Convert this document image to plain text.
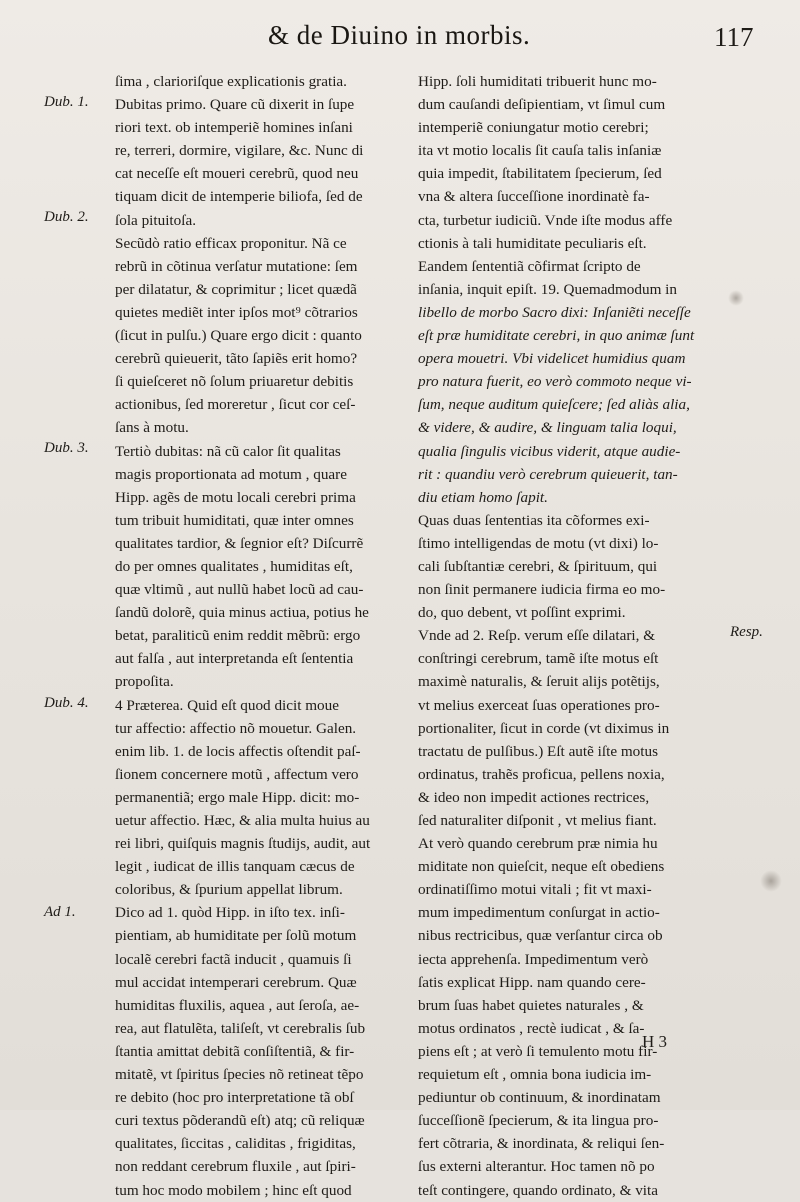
& de Diuino in morbis.	117
Dub. 1.
Dub. 2.
Dub. 3.
Dub. 4.
Ad 1.
Resp.
ſima , clarioriſque explicationis gratia.
Dubitas primo. Quare cũ dixerit in ſupe
riori text. ob intemperiẽ homines inſani
re, terreri, dormire, vigilare, &c. Nunc di
cat neceſſe eſt moueri cerebrũ, quod neu
tiquam dicit de intemperie biliofa, ſed de
ſola pituitoſa.
Secũdò ratio efficax proponitur. Nã ce
rebrũ in cõtinua verſatur mutatione: ſem
per dilatatur, & coprimitur ; licet quædã
quietes mediẽt inter ipſos mot⁹ cõtrarios
(ſicut in pulſu.) Quare ergo dicit : quanto
cerebrũ quieuerit, tãto ſapiẽs erit homo?
ſi quieſceret nõ ſolum priuaretur debitis
actionibus, ſed moreretur , ſicut cor ceſ-
ſans à motu.
Tertiò dubitas: nã cũ calor ſit qualitas
magis proportionata ad motum , quare
Hipp. agẽs de motu locali cerebri prima
tum tribuit humiditati, quæ inter omnes
qualitates tardior, & ſegnior eſt? Diſcurrẽ
do per omnes qualitates , humiditas eſt,
quæ vltimũ , aut nullũ habet locũ ad cau-
ſandũ dolorẽ, quia minus actiua, potius he
betat, paraliticũ enim reddit mẽbrũ: ergo
aut falſa , aut interpretanda eſt ſententia
propoſita.
4 Præterea. Quid eſt quod dicit moue
tur affectio: affectio nõ mouetur. Galen.
enim lib. 1. de locis affectis oſtendit paſ-
ſionem concernere motũ , affectum vero
permanentiã; ergo male Hipp. dicit: mo-
uetur affectio. Hæc, & alia multa huius au
rei libri, quiſquis magnis ſtudijs, audit, aut
legit , iudicat de illis tanquam cæcus de
coloribus, & ſpurium appellat librum.
Dico ad 1. quòd Hipp. in iſto tex. inſi-
pientiam, ab humiditate per ſolũ motum
localẽ cerebri factã inducit , quamuis ſi
mul accidat intemperari cerebrum. Quæ
humiditas fluxilis, aquea , aut ſeroſa, ae-
rea, aut flatulẽta, taliſeſt, vt cerebralis ſub
ſtantia amittat debitã conſiſtentiã, & fir-
mitatẽ, vt ſpiritus ſpecies nõ retineat tẽpo
re debito (hoc pro interpretatione tã obſ
curi textus põderandũ eſt) atq; cũ reliquæ
qualitates, ſiccitas , caliditas , frigiditas,
non reddant cerebrum fluxile , aut ſpiri-
tum hoc modo mobilem ; hinc eſt quod
Hipp. ſoli humiditati tribuerit hunc mo-
dum cauſandi deſipientiam, vt ſimul cum
intemperiẽ coniungatur motio cerebri;
ita vt motio localis ſit cauſa talis inſaniæ
quia impedit, ſtabilitatem ſpecierum, ſed
vna & altera ſucceſſione inordinatè fa-
cta, turbetur iudiciũ. Vnde iſte modus affe
ctionis à tali humiditate peculiaris eſt.
Eandem ſententiã cõfirmat ſcripto de
inſania, inquit epiſt. 19. Quemadmodum in
libello de morbo Sacro dixi: Inſaniẽti neceſſe
eſt præ humiditate cerebri, in quo animæ ſunt
opera mouetri. Vbi videlicet humidius quam
pro natura fuerit, eo verò commoto neque vi-
ſum, neque auditum quieſcere; ſed aliàs alia,
& videre, & audire, & linguam talia loqui,
qualia ſingulis vicibus viderit, atque audie-
rit : quandiu verò cerebrum quieuerit, tan-
diu etiam homo ſapit.
Quas duas ſententias ita cõformes exi-
ſtimo intelligendas de motu (vt dixi) lo-
cali ſubſtantiæ cerebri, & ſpirituum, qui
non ſinit permanere iudicia firma eo mo-
do, quo debent, vt poſſint exprimi.
Vnde ad 2. Reſp. verum eſſe dilatari, &
conſtringi cerebrum, tamẽ iſte motus eſt
maximè naturalis, & ſeruit alijs potẽtijs,
vt melius exerceat ſuas operationes pro-
portionaliter, ſicut in corde (vt diximus in
tractatu de pulſibus.) Eſt autẽ iſte motus
ordinatus, trahẽs proficua, pellens noxia,
& ideo non impedit actiones rectrices,
ſed naturaliter diſponit , vt melius fiant.
At verò quando cerebrum præ nimia hu
miditate non quieſcit, neque eſt obediens
ordinatiſſimo motui vitali ; fit vt maxi-
mum impedimentum conſurgat in actio-
nibus rectricibus, quæ verſantur circa ob
iecta apprehenſa. Impedimentum verò
ſatis explicat Hipp. nam quando cere-
brum ſuas habet quietes naturales , &
motus ordinatos , rectè iudicat , & ſa-
piens eſt ; at verò ſi temulento motu fir-
requietum eſt , omnia bona iudicia im-
pediuntur ob continuum, & inordinatam
ſucceſſionẽ ſpecierum, & ita lingua pro-
fert cõtraria, & inordinata, & reliqui ſen-
ſus externi alterantur. Hoc tamen nõ po
teſt contingere, quando ordinato, & vita
H 3
